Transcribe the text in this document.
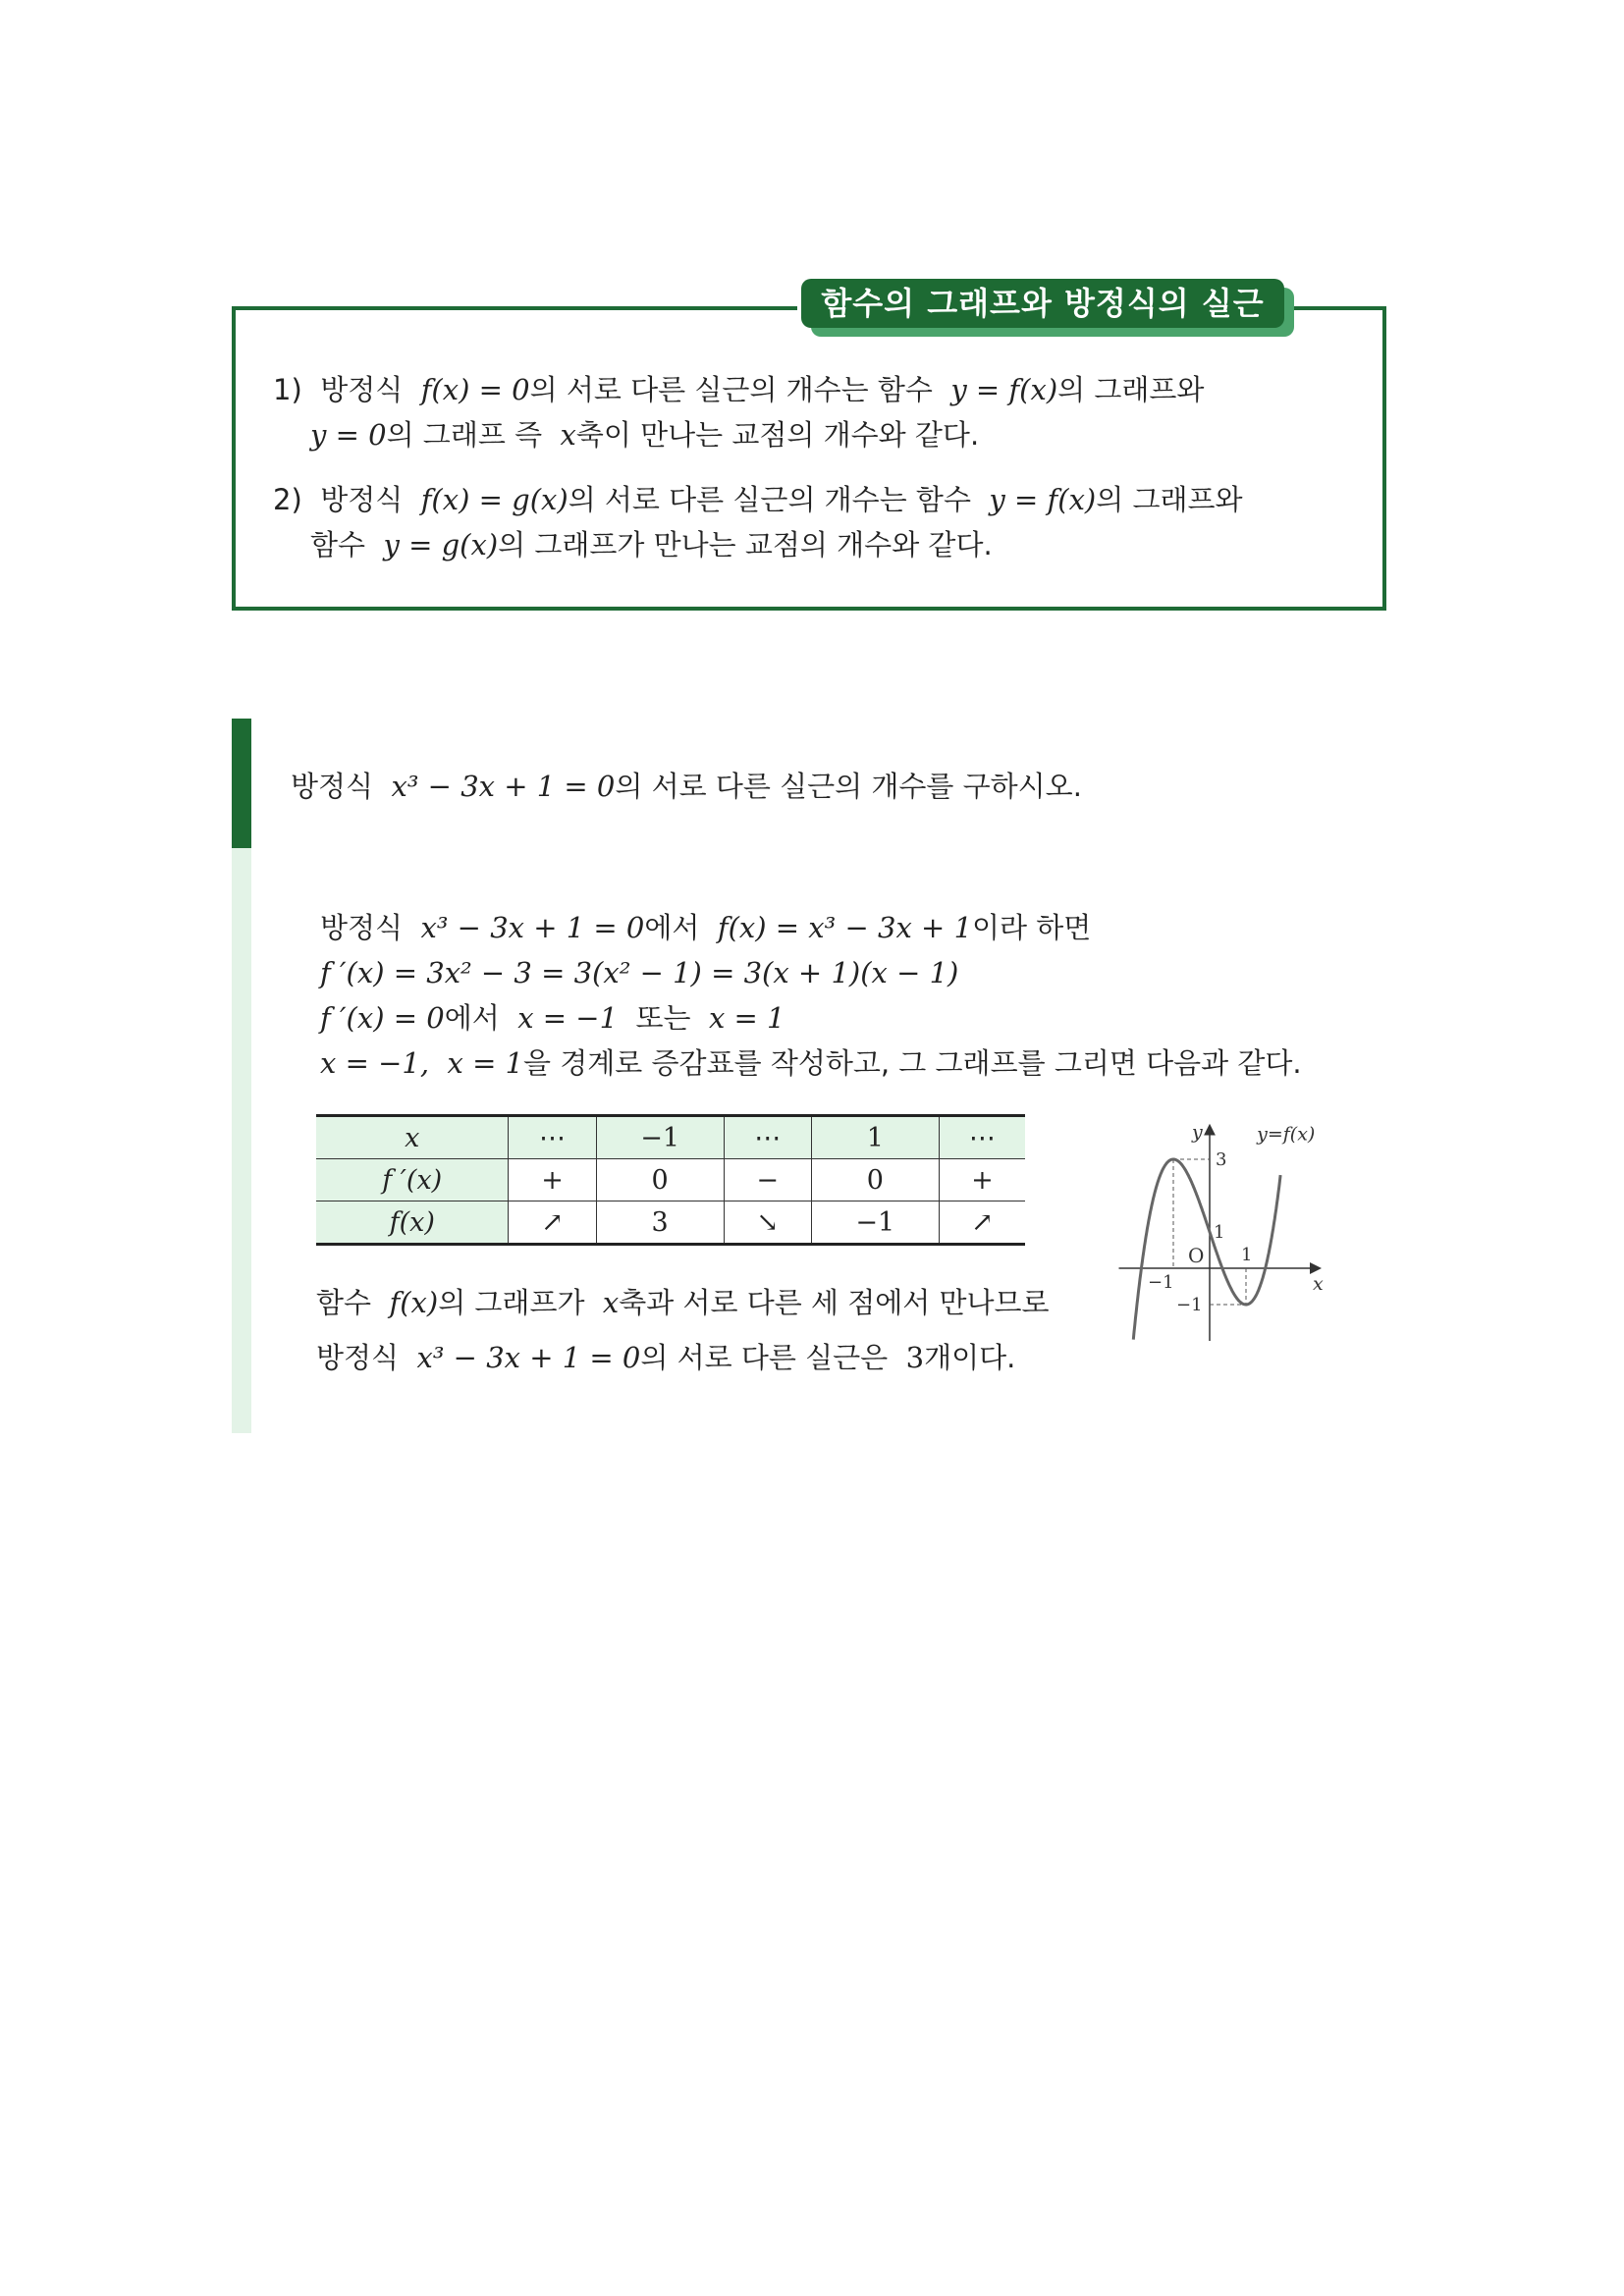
함수의 그래프와 방정식의 실근
1) 방정식 f(x) = 0의 서로 다른 실근의 개수는 함수 y = f(x)의 그래프와
y = 0의 그래프 즉 x축이 만나는 교점의 개수와 같다.
2) 방정식 f(x) = g(x)의 서로 다른 실근의 개수는 함수 y = f(x)의 그래프와
함수 y = g(x)의 그래프가 만나는 교점의 개수와 같다.
방정식 x³ − 3x + 1 = 0의 서로 다른 실근의 개수를 구하시오.
방정식 x³ − 3x + 1 = 0에서 f(x) = x³ − 3x + 1이라 하면
f ′(x) = 3x² − 3 = 3(x² − 1) = 3(x + 1)(x − 1)
f ′(x) = 0에서 x = −1 또는 x = 1
x = −1, x = 1을 경계로 증감표를 작성하고, 그 그래프를 그리면 다음과 같다.
x	⋯	−1	⋯	1	⋯
f ′(x)	+	0	−	0	+
f(x)	↗	3	↘	−1	↗
함수 f(x)의 그래프가 x축과 서로 다른 세 점에서 만나므로
방정식 x³ − 3x + 1 = 0의 서로 다른 실근은 3개이다.
−1
1
3
1
−1
O
x
y	y=f(x)
